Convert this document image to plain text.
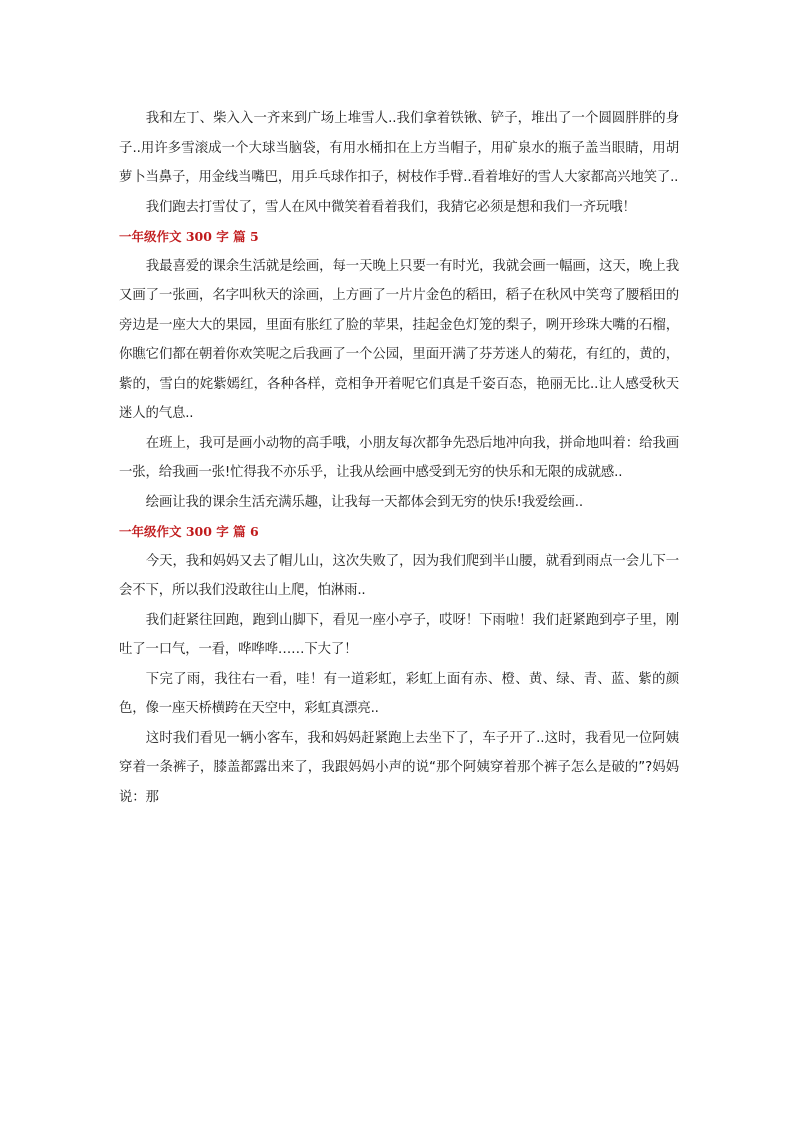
我和左丁、柴入入一齐来到广场上堆雪人..我们拿着铁锹、铲子，堆出了一个圆圆胖胖的身子..用许多雪滚成一个大球当脑袋，有用水桶扣在上方当帽子，用矿泉水的瓶子盖当眼睛，用胡萝卜当鼻子，用金线当嘴巴，用乒乓球作扣子，树枝作手臂..看着堆好的雪人大家都高兴地笑了..

我们跑去打雪仗了，雪人在风中微笑着看着我们，我猜它必须是想和我们一齐玩哦！

一年级作文 300 字 篇 5

我最喜爱的课余生活就是绘画，每一天晚上只要一有时光，我就会画一幅画，这天，晚上我又画了一张画，名字叫秋天的涂画，上方画了一片片金色的稻田，稻子在秋风中笑弯了腰稻田的旁边是一座大大的果园，里面有胀红了脸的苹果，挂起金色灯笼的梨子，咧开珍珠大嘴的石榴，你瞧它们都在朝着你欢笑呢之后我画了一个公园，里面开满了芬芳迷人的菊花，有红的，黄的，紫的，雪白的姹紫嫣红，各种各样，竞相争开着呢它们真是千姿百态，艳丽无比..让人感受秋天迷人的气息..

在班上，我可是画小动物的高手哦，小朋友每次都争先恐后地冲向我，拼命地叫着：给我画一张，给我画一张!忙得我不亦乐乎，让我从绘画中感受到无穷的快乐和无限的成就感..

绘画让我的课余生活充满乐趣，让我每一天都体会到无穷的快乐!我爱绘画..

一年级作文 300 字 篇 6

今天，我和妈妈又去了帽儿山，这次失败了，因为我们爬到半山腰，就看到雨点一会儿下一会不下，所以我们没敢往山上爬，怕淋雨..

我们赶紧往回跑，跑到山脚下，看见一座小亭子，哎呀！下雨啦！我们赶紧跑到亭子里，刚吐了一口气，一看，哗哗哗……下大了！

下完了雨，我往右一看，哇！有一道彩虹，彩虹上面有赤、橙、黄、绿、青、蓝、紫的颜色，像一座天桥横跨在天空中，彩虹真漂亮..

这时我们看见一辆小客车，我和妈妈赶紧跑上去坐下了，车子开了..这时，我看见一位阿姨穿着一条裤子，膝盖都露出来了，我跟妈妈小声的说“那个阿姨穿着那个裤子怎么是破的”?妈妈说：那
